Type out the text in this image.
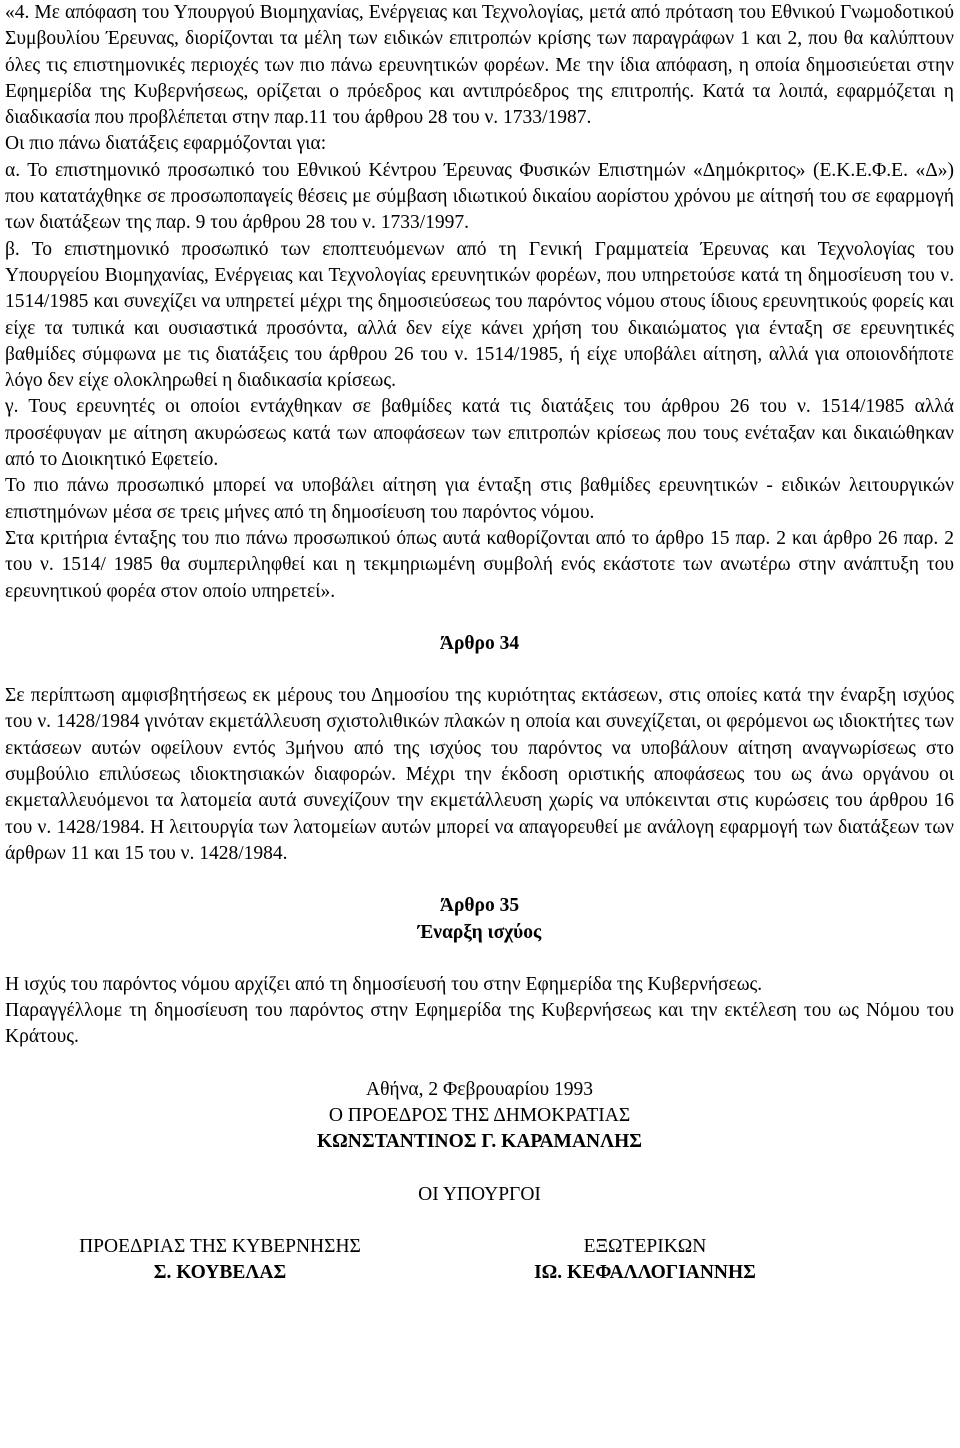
«4. Με απόφαση του Υπουργού Βιομηχανίας, Ενέργειας και Τεχνολογίας, μετά από πρόταση του Εθνικού Γνωμοδοτικού Συμβουλίου Έρευνας, διορίζονται τα μέλη των ειδικών επιτροπών κρίσης των παραγράφων 1 και 2, που θα καλύπτουν όλες τις επιστημονικές περιοχές των πιο πάνω ερευνητικών φορέων. Με την ίδια απόφαση, η οποία δημοσιεύεται στην Εφημερίδα της Κυβερνήσεως, ορίζεται ο πρόεδρος και αντιπρόεδρος της επιτροπής. Κατά τα λοιπά, εφαρμόζεται η διαδικασία που προβλέπεται στην παρ.11 του άρθρου 28 του ν. 1733/1987.

Οι πιο πάνω διατάξεις εφαρμόζονται για:

α. Το επιστημονικό προσωπικό του Εθνικού Κέντρου Έρευνας Φυσικών Επιστημών «Δημόκριτος» (Ε.Κ.Ε.Φ.Ε. «Δ») που κατατάχθηκε σε προσωποπαγείς θέσεις με σύμβαση ιδιωτικού δικαίου αορίστου χρόνου με αίτησή του σε εφαρμογή των διατάξεων της παρ. 9 του άρθρου 28 του ν. 1733/1997.

β. Το επιστημονικό προσωπικό των εποπτευόμενων από τη Γενική Γραμματεία Έρευνας και Τεχνολογίας του Υπουργείου Βιομηχανίας, Ενέργειας και Τεχνολογίας ερευνητικών φορέων, που υπηρετούσε κατά τη δημοσίευση του ν. 1514/1985 και συνεχίζει να υπηρετεί μέχρι της δημοσιεύσεως του παρόντος νόμου στους ίδιους ερευνητικούς φορείς και είχε τα τυπικά και ουσιαστικά προσόντα, αλλά δεν είχε κάνει χρήση του δικαιώματος για ένταξη σε ερευνητικές βαθμίδες σύμφωνα με τις διατάξεις του άρθρου 26 του ν. 1514/1985, ή είχε υποβάλει αίτηση, αλλά για οποιονδήποτε λόγο δεν είχε ολοκληρωθεί η διαδικασία κρίσεως.

γ. Τους ερευνητές οι οποίοι εντάχθηκαν σε βαθμίδες κατά τις διατάξεις του άρθρου 26 του ν. 1514/1985 αλλά προσέφυγαν με αίτηση ακυρώσεως κατά των αποφάσεων των επιτροπών κρίσεως που τους ενέταξαν και δικαιώθηκαν από το Διοικητικό Εφετείο.

Το πιο πάνω προσωπικό μπορεί να υποβάλει αίτηση για ένταξη στις βαθμίδες ερευνητικών - ειδικών λειτουργικών επιστημόνων μέσα σε τρεις μήνες από τη δημοσίευση του παρόντος νόμου.

Στα κριτήρια ένταξης του πιο πάνω προσωπικού όπως αυτά καθορίζονται από το άρθρο 15 παρ. 2 και άρθρο 26 παρ. 2 του ν. 1514/ 1985 θα συμπεριληφθεί και η τεκμηριωμένη συμβολή ενός εκάστοτε των ανωτέρω στην ανάπτυξη του ερευνητικού φορέα στον οποίο υπηρετεί».

Άρθρο 34

Σε περίπτωση αμφισβητήσεως εκ μέρους του Δημοσίου της κυριότητας εκτάσεων, στις οποίες κατά την έναρξη ισχύος του ν. 1428/1984 γινόταν εκμετάλλευση σχιστολιθικών πλακών η οποία και συνεχίζεται, οι φερόμενοι ως ιδιοκτήτες των εκτάσεων αυτών οφείλουν εντός 3μήνου από της ισχύος του παρόντος να υποβάλουν αίτηση αναγνωρίσεως στο συμβούλιο επιλύσεως ιδιοκτησιακών διαφορών. Μέχρι την έκδοση οριστικής αποφάσεως του ως άνω οργάνου οι εκμεταλλευόμενοι τα λατομεία αυτά συνεχίζουν την εκμετάλλευση χωρίς να υπόκεινται στις κυρώσεις του άρθρου 16 του ν. 1428/1984. Η λειτουργία των λατομείων αυτών μπορεί να απαγορευθεί με ανάλογη εφαρμογή των διατάξεων των άρθρων 11 και 15 του ν. 1428/1984.

Άρθρο 35

Έναρξη ισχύος

Η ισχύς του παρόντος νόμου αρχίζει από τη δημοσίευσή του στην Εφημερίδα της Κυβερνήσεως.

Παραγγέλλομε τη δημοσίευση του παρόντος στην Εφημερίδα της Κυβερνήσεως και την εκτέλεση του ως Νόμου του Κράτους.

Αθήνα, 2 Φεβρουαρίου 1993

Ο ΠΡΟΕΔΡΟΣ ΤΗΣ ΔΗΜΟΚΡΑΤΙΑΣ

ΚΩΝΣΤΑΝΤΙΝΟΣ Γ. ΚΑΡΑΜΑΝΛΗΣ

ΟΙ ΥΠΟΥΡΓΟΙ

ΠΡΟΕΔΡΙΑΣ ΤΗΣ ΚΥΒΕΡΝΗΣΗΣ
Σ. ΚΟΥΒΕΛΑΣ
ΕΞΩΤΕΡΙΚΩΝ
ΙΩ. ΚΕΦΑΛΛΟΓΙΑΝΝΗΣ
